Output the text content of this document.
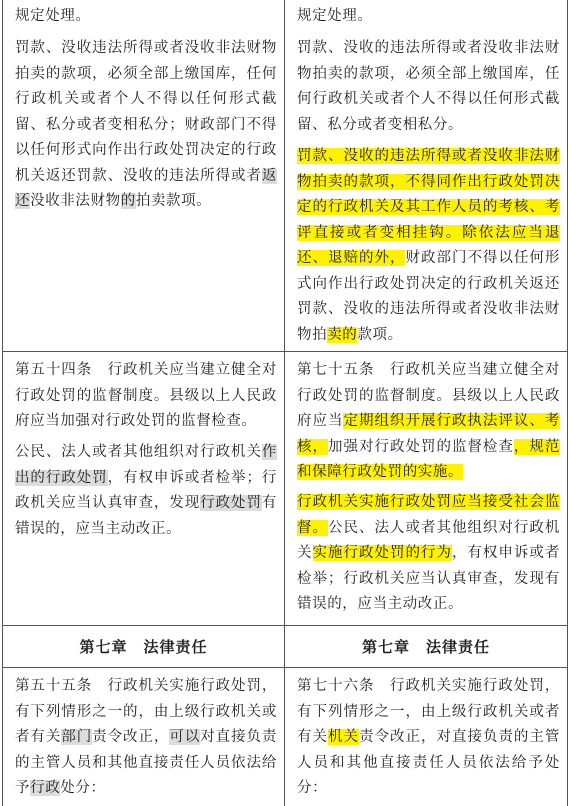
规定处理。

罚款、没收违法所得或者没收非法财物拍卖的款项，必须全部上缴国库，任何行政机关或者个人不得以任何形式截留、私分或者变相私分；财政部门不得以任何形式向作出行政处罚决定的行政机关返还罚款、没收的违法所得或者返还没收非法财物的拍卖款项。

规定处理。

罚款、没收的违法所得或者没收非法财物拍卖的款项，必须全部上缴国库，任何行政机关或者个人不得以任何形式截留、私分或者变相私分。

罚款、没收的违法所得或者没收非法财物拍卖的款项，不得同作出行政处罚决定的行政机关及其工作人员的考核、考评直接或者变相挂钩。除依法应当退还、退赔的外，财政部门不得以任何形式向作出行政处罚决定的行政机关返还罚款、没收的违法所得或者没收非法财物拍卖的款项。

第五十四条　行政机关应当建立健全对行政处罚的监督制度。县级以上人民政府应当加强对行政处罚的监督检查。

公民、法人或者其他组织对行政机关作出的行政处罚，有权申诉或者检举；行政机关应当认真审查，发现行政处罚有错误的，应当主动改正。

第七十五条　行政机关应当建立健全对行政处罚的监督制度。县级以上人民政府应当定期组织开展行政执法评议、考核，加强对行政处罚的监督检查，规范和保障行政处罚的实施。

行政机关实施行政处罚应当接受社会监督。公民、法人或者其他组织对行政机关实施行政处罚的行为，有权申诉或者检举；行政机关应当认真审查，发现有错误的，应当主动改正。

第七章　法律责任	第七章　法律责任

第五十五条　行政机关实施行政处罚，有下列情形之一的，由上级行政机关或者有关部门责令改正，可以对直接负责的主管人员和其他直接责任人员依法给予行政处分：

第七十六条　行政机关实施行政处罚，有下列情形之一，由上级行政机关或者有关机关责令改正，对直接负责的主管人员和其他直接责任人员依法给予处分：
